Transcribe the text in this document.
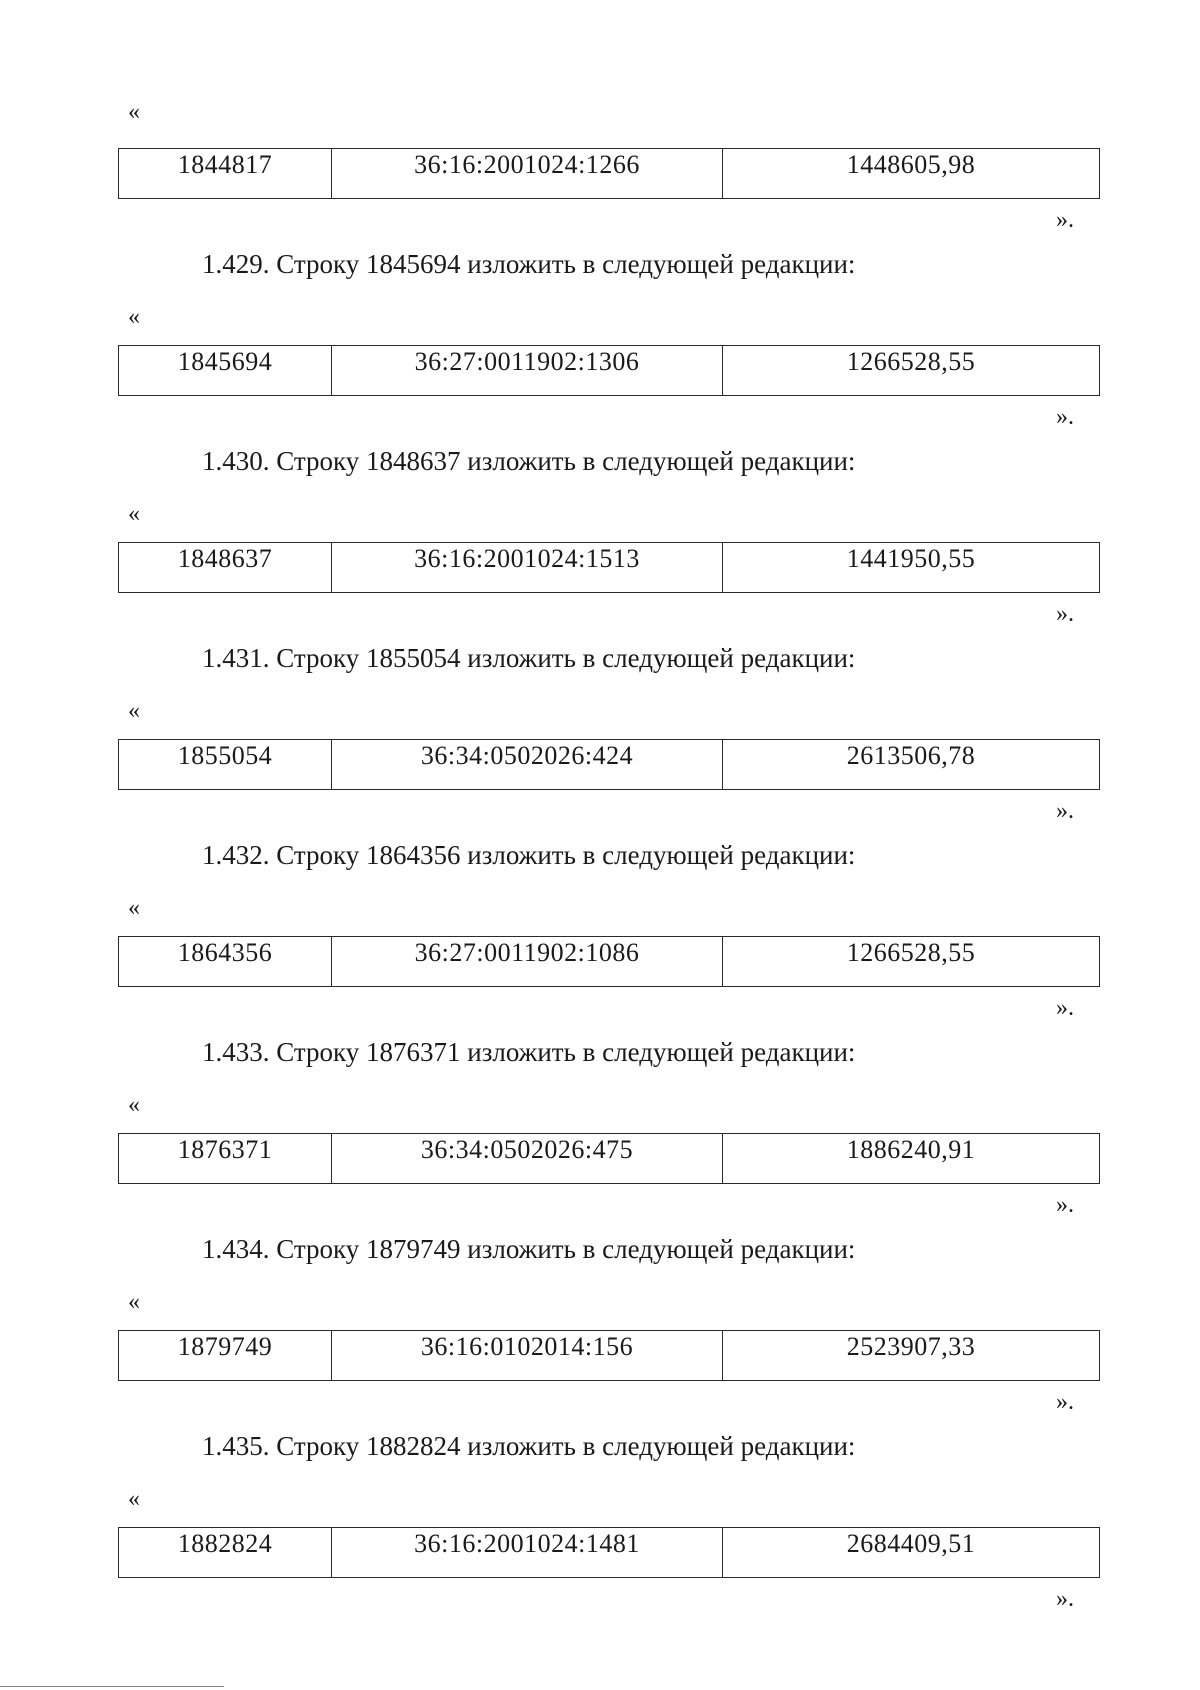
«
1844817	36:16:2001024:1266	1448605,98
».
1.429. Строку 1845694 изложить в следующей редакции:
«
1845694	36:27:0011902:1306	1266528,55
».
1.430. Строку 1848637 изложить в следующей редакции:
«
1848637	36:16:2001024:1513	1441950,55
».
1.431. Строку 1855054 изложить в следующей редакции:
«
1855054	36:34:0502026:424	2613506,78
».
1.432. Строку 1864356 изложить в следующей редакции:
«
1864356	36:27:0011902:1086	1266528,55
».
1.433. Строку 1876371 изложить в следующей редакции:
«
1876371	36:34:0502026:475	1886240,91
».
1.434. Строку 1879749 изложить в следующей редакции:
«
1879749	36:16:0102014:156	2523907,33
».
1.435. Строку 1882824 изложить в следующей редакции:
«
1882824	36:16:2001024:1481	2684409,51
».
